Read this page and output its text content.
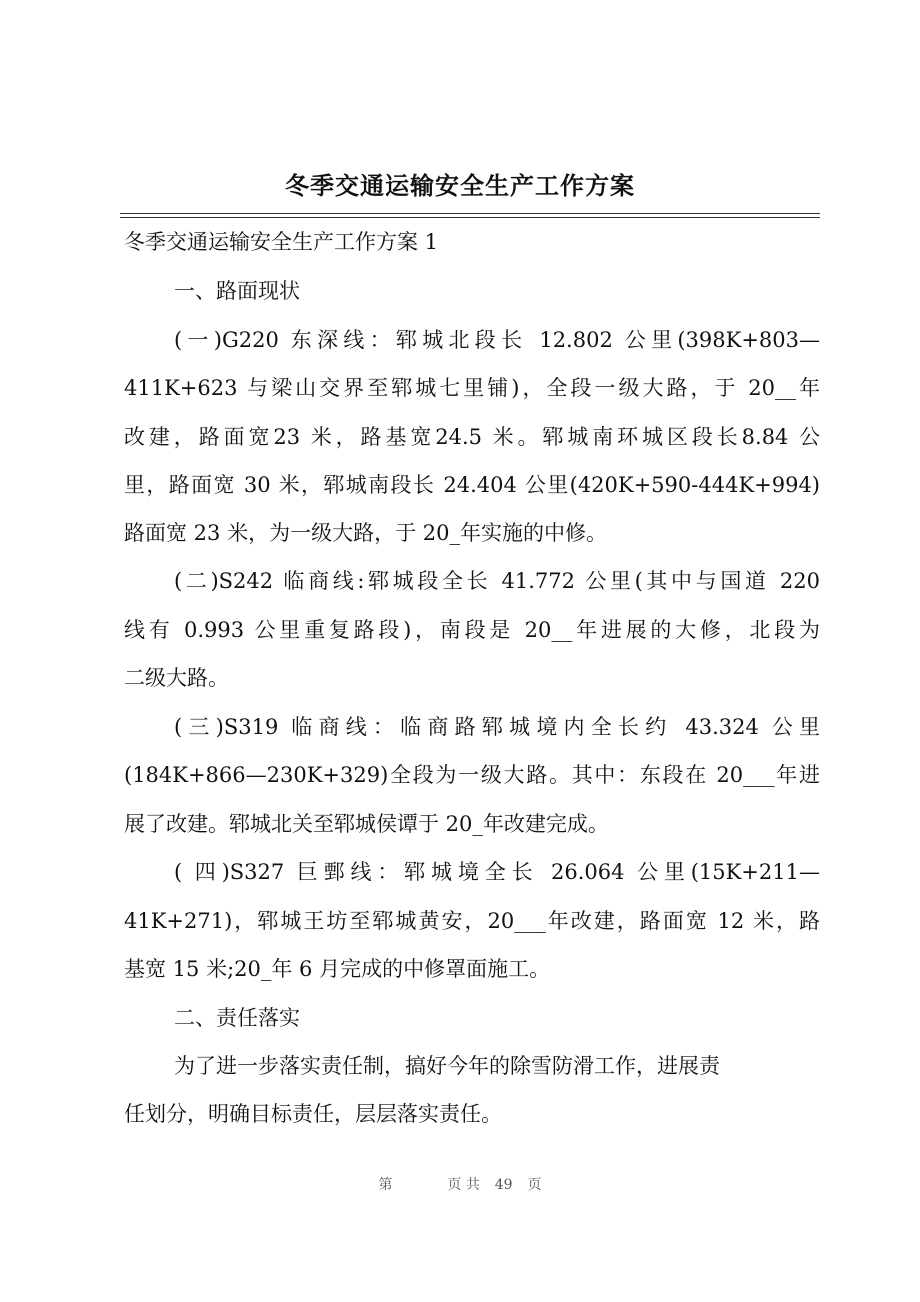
冬季交通运输安全生产工作方案
冬季交通运输安全生产工作方案 1
一、路面现状
(一)G220 东深线：郓城北段长 12.802 公里(398K+803—
411K+623 与梁山交界至郓城七里铺)，全段一级大路，于 20__年
改建，路面宽23 米，路基宽24.5 米。郓城南环城区段长8.84 公
里，路面宽 30 米，郓城南段长 24.404 公里(420K+590-444K+994)
路面宽 23 米，为一级大路，于 20_年实施的中修。
(二)S242 临商线:郓城段全长 41.772 公里(其中与国道 220
线有 0.993 公里重复路段)，南段是 20__年进展的大修，北段为
二级大路。
(三)S319 临商线：临商路郓城境内全长约 43.324 公里
(184K+866—230K+329)全段为一级大路。其中：东段在 20___年进
展了改建。郓城北关至郓城侯谭于 20_年改建完成。
( 四)S327 巨鄄线：郓城境全长 26.064 公里(15K+211—
41K+271)，郓城王坊至郓城黄安，20___年改建，路面宽 12 米，路
基宽 15 米;20_年 6 月完成的中修罩面施工。
二、责任落实
为了进一步落实责任制，搞好今年的除雪防滑工作，进展责
任划分，明确目标责任，层层落实责任。
第	页 共 49 页
